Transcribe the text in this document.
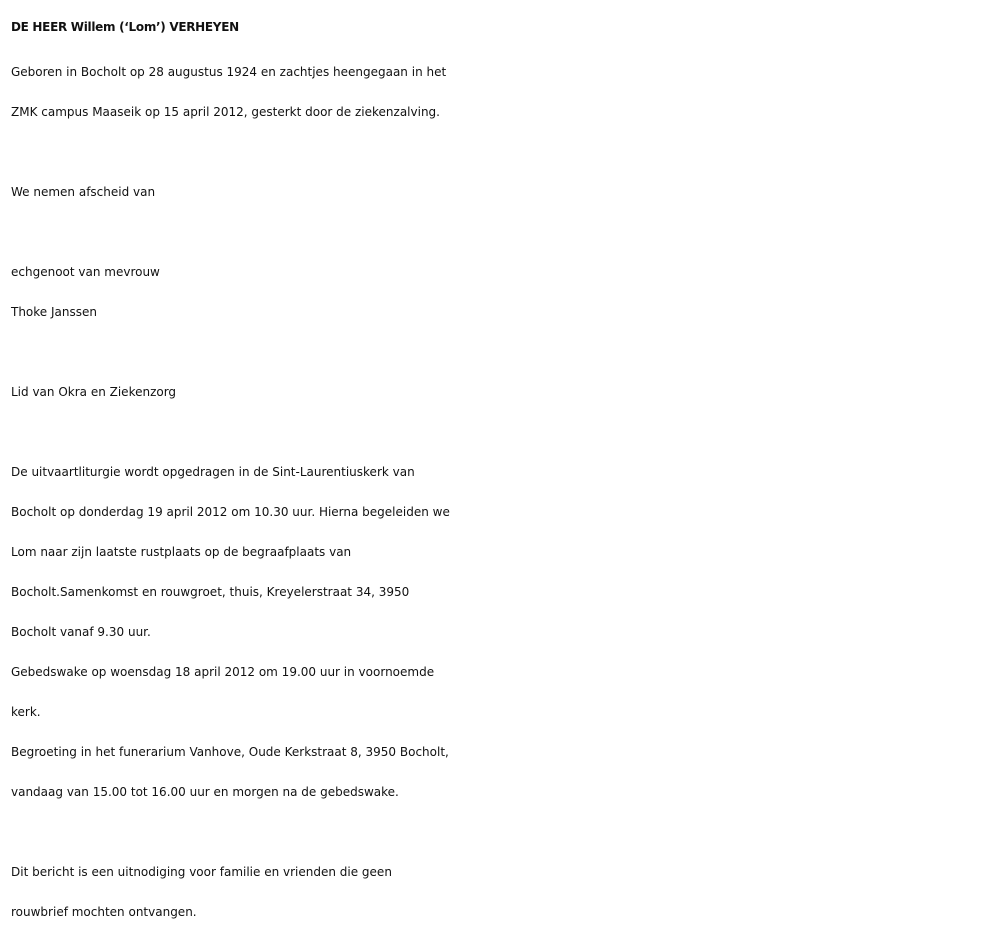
DE HEER Willem (‘Lom’) VERHEYEN
Geboren in Bocholt op 28 augustus 1924 en zachtjes heengegaan in het
ZMK campus Maaseik op 15 april 2012, gesterkt door de ziekenzalving.
We nemen afscheid van
echgenoot van mevrouw
Thoke Janssen
Lid van Okra en Ziekenzorg
De uitvaartliturgie wordt opgedragen in de Sint-Laurentiuskerk van
Bocholt op donderdag 19 april 2012 om 10.30 uur. Hierna begeleiden we
Lom naar zijn laatste rustplaats op de begraafplaats van
Bocholt.Samenkomst en rouwgroet, thuis, Kreyelerstraat 34, 3950
Bocholt vanaf 9.30 uur.
Gebedswake op woensdag 18 april 2012 om 19.00 uur in voornoemde
kerk.
Begroeting in het funerarium Vanhove, Oude Kerkstraat 8, 3950 Bocholt,
vandaag van 15.00 tot 16.00 uur en morgen na de gebedswake.
Dit bericht is een uitnodiging voor familie en vrienden die geen
rouwbrief mochten ontvangen.
